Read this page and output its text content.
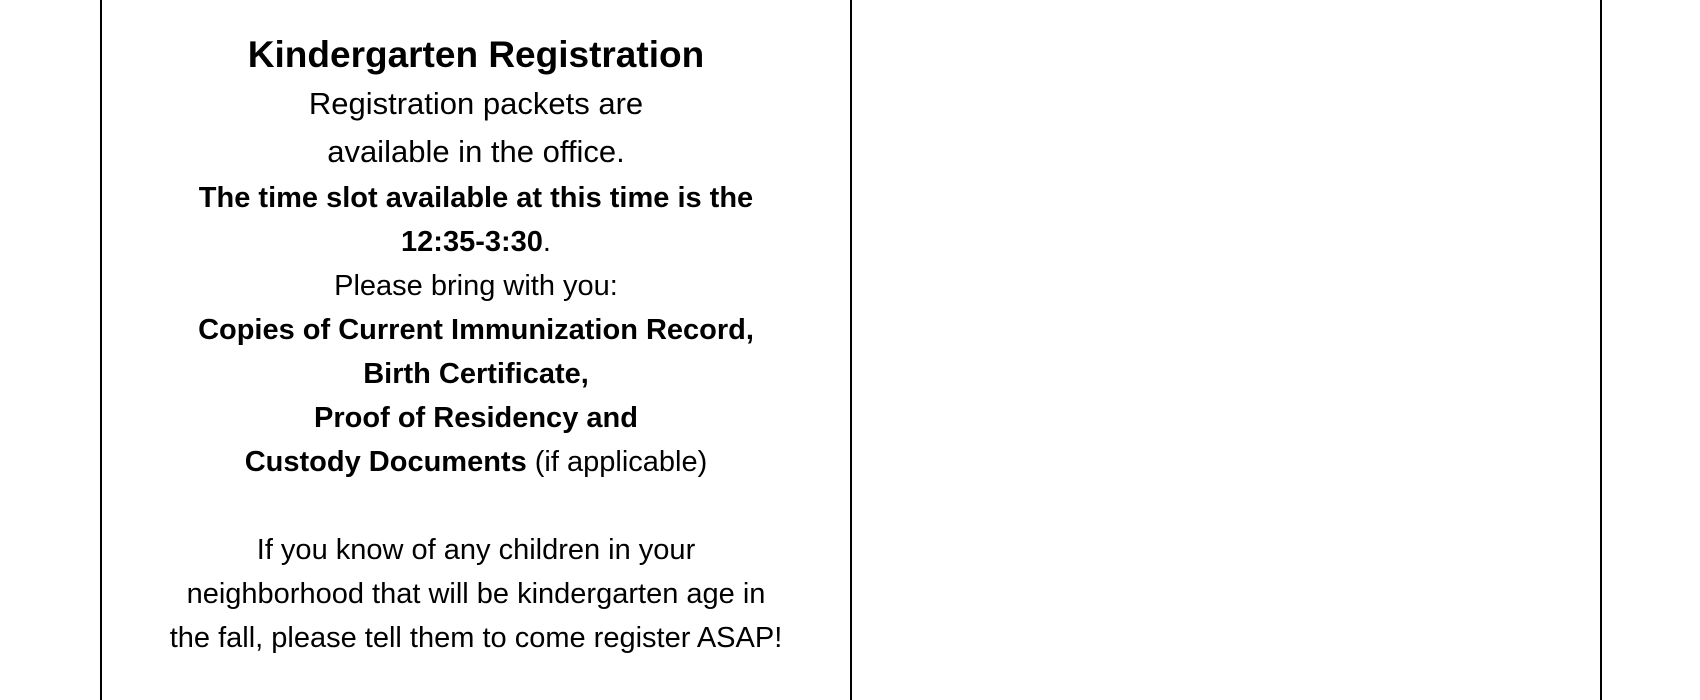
Kindergarten Registration

Registration packets are

available in the office.

The time slot available at this time is the

12:35-3:30.

Please bring with you:

Copies of Current Immunization Record,

Birth Certificate,

Proof of Residency and

Custody Documents (if applicable)

If you know of any children in your

neighborhood that will be kindergarten age in

the fall, please tell them to come register ASAP!
